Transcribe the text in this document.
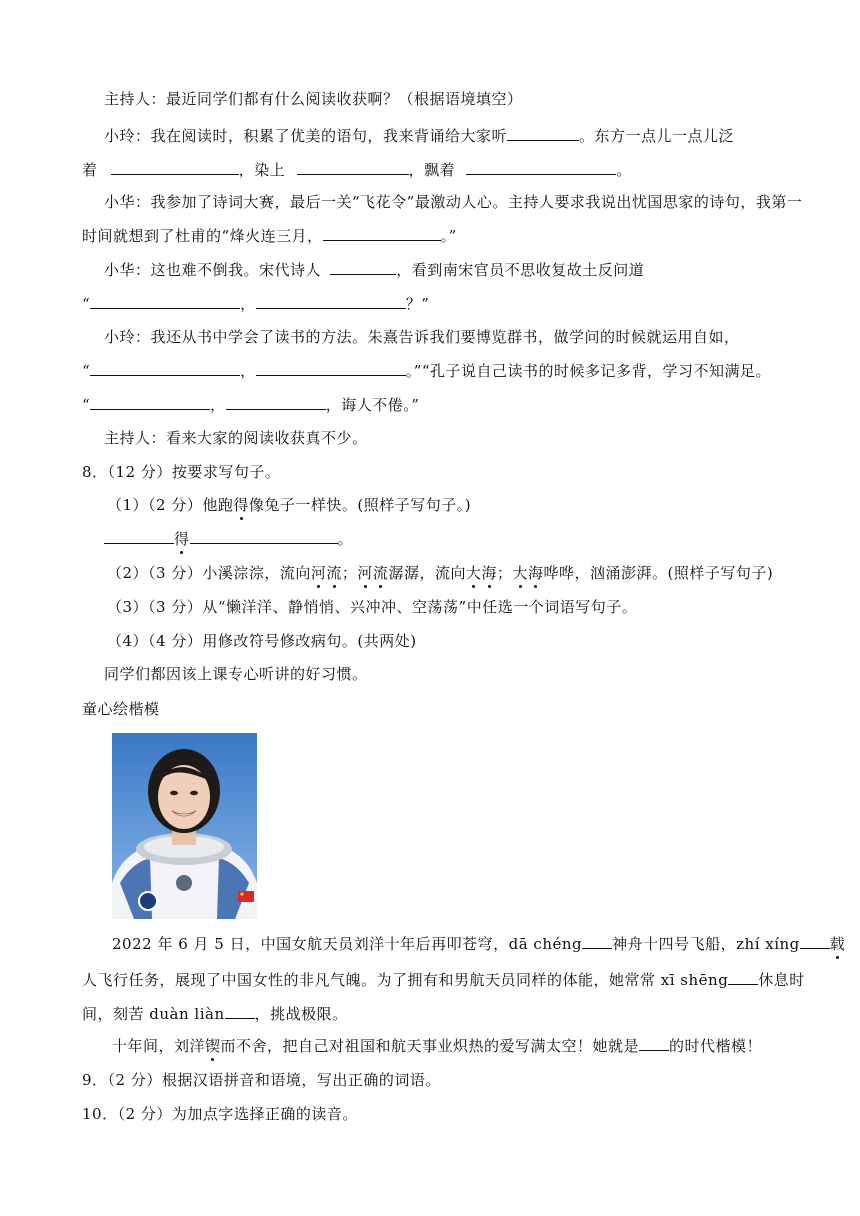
主持人：最近同学们都有什么阅读收获啊？（根据语境填空）
小玲：我在阅读时，积累了优美的语句，我来背诵给大家听	。东方一点儿一点儿泛
着	，染上	，飘着	。
小华：我参加了诗词大赛，最后一关“飞花令”最激动人心。主持人要求我说出忧国思家的诗句，我第一
时间就想到了杜甫的“烽火连三月，	。”
小华：这也难不倒我。宋代诗人	，看到南宋官员不思收复故土反问道
“	，	？”
小玲：我还从书中学会了读书的方法。朱熹告诉我们要博览群书，做学问的时候就运用自如，
“	，	。”“孔子说自己读书的时候多记多背，学习不知满足。
“	，	，诲人不倦。”
主持人：看来大家的阅读收获真不少。
8．（12 分）按要求写句子。
（1）（2 分）他跑得像兔子一样快。(照样子写句子。)
得	。
（2）（3 分）小溪淙淙，流向河流；河流潺潺，流向大海；大海哗哗，汹涌澎湃。(照样子写句子)
（3）（3 分）从“懒洋洋、静悄悄、兴冲冲、空荡荡”中任选一个词语写句子。
（4）（4 分）用修改符号修改病句。(共两处)
同学们都因该上课专心听讲的好习惯。
童心绘楷模
2022 年 6 月 5 日，中国女航天员刘洋十年后再叩苍穹，dā chéng 神舟十四号飞船，zhí xíng 载
人飞行任务，展现了中国女性的非凡气魄。为了拥有和男航天员同样的体能，她常常 xī shēng 休息时
间，刻苦 duàn liàn ，挑战极限。
十年间，刘洋锲而不舍，把自己对祖国和航天事业炽热的爱写满太空！她就是 的时代楷模！
9．（2 分）根据汉语拼音和语境，写出正确的词语。
10．（2 分）为加点字选择正确的读音。
